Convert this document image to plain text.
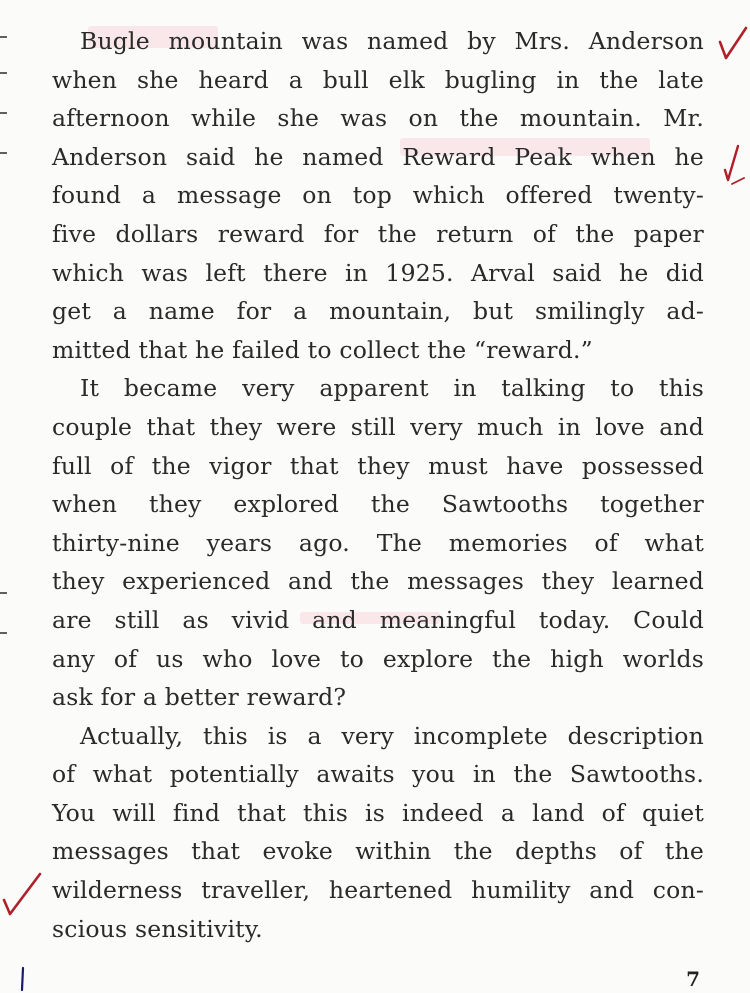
Bugle mountain was named by Mrs. Anderson
when she heard a bull elk bugling in the late
afternoon while she was on the mountain. Mr.
Anderson said he named Reward Peak when he
found a message on top which offered twenty-
five dollars reward for the return of the paper
which was left there in 1925. Arval said he did
get a name for a mountain, but smilingly ad-
mitted that he failed to collect the “reward.”
It became very apparent in talking to this
couple that they were still very much in love and
full of the vigor that they must have possessed
when they explored the Sawtooths together
thirty-nine years ago. The memories of what
they experienced and the messages they learned
are still as vivid and meaningful today. Could
any of us who love to explore the high worlds
ask for a better reward?
Actually, this is a very incomplete description
of what potentially awaits you in the Sawtooths.
You will find that this is indeed a land of quiet
messages that evoke within the depths of the
wilderness traveller, heartened humility and con-
scious sensitivity.
7
